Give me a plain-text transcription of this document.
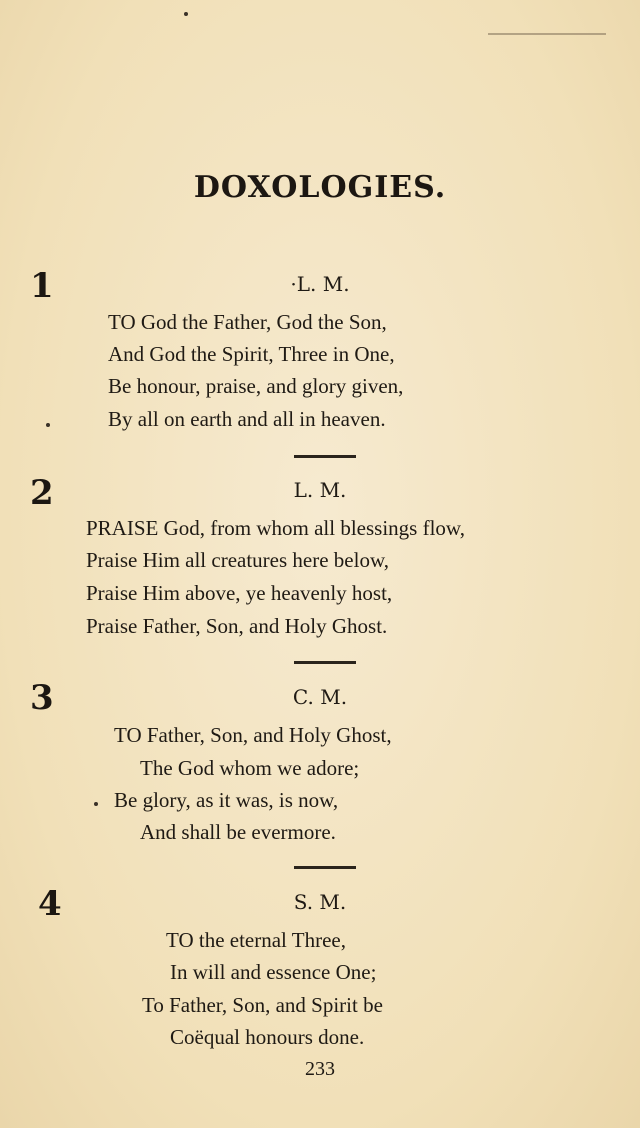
DOXOLOGIES.
1	·L. M.
TO God the Father, God the Son,
And God the Spirit, Three in One,
Be honour, praise, and glory given,
By all on earth and all in heaven.
2	L. M.
PRAISE God, from whom all blessings flow,
Praise Him all creatures here below,
Praise Him above, ye heavenly host,
Praise Father, Son, and Holy Ghost.
3	C. M.
TO Father, Son, and Holy Ghost,
The God whom we adore;
Be glory, as it was, is now,
And shall be evermore.
4	S. M.
TO the eternal Three,
In will and essence One;
To Father, Son, and Spirit be
Coëqual honours done.
233
